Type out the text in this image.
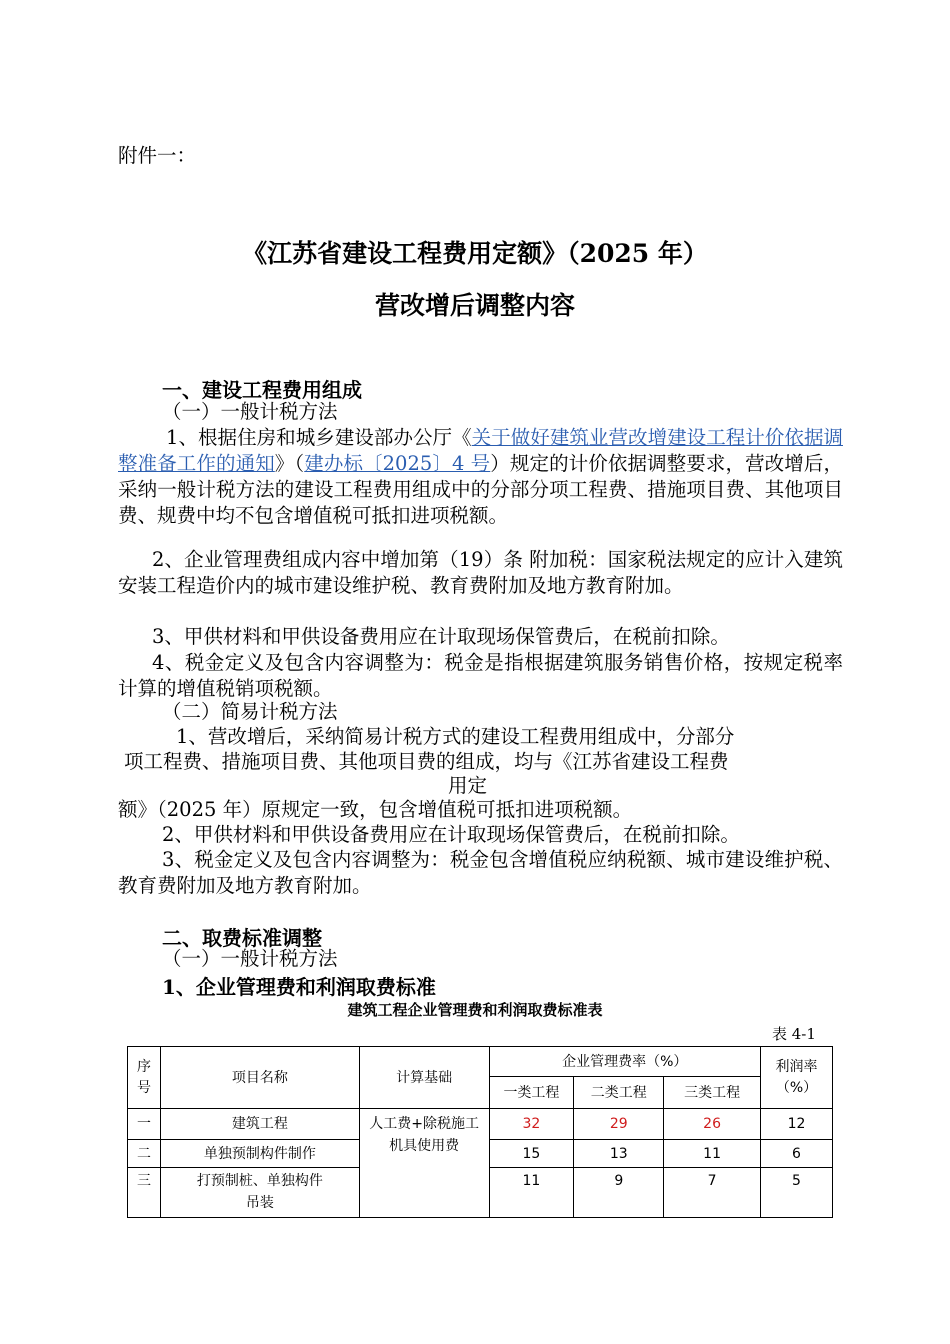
附件一：
《江苏省建设工程费用定额》（2025 年）
营改增后调整内容
一、建设工程费用组成
（一）一般计税方法
1、根据住房和城乡建设部办公厅《关于做好建筑业营改增建设工程计价依据调整准备工作的通知》（建办标〔2025〕4 号）规定的计价依据调整要求，营改增后，采纳一般计税方法的建设工程费用组成中的分部分项工程费、措施项目费、其他项目费、规费中均不包含增值税可抵扣进项税额。
2、企业管理费组成内容中增加第（19）条 附加税：国家税法规定的应计入建筑安装工程造价内的城市建设维护税、教育费附加及地方教育附加。
3、甲供材料和甲供设备费用应在计取现场保管费后，在税前扣除。
4、税金定义及包含内容调整为：税金是指根据建筑服务销售价格，按规定税率计算的增值税销项税额。
（二）简易计税方法
1、营改增后，采纳简易计税方式的建设工程费用组成中，分部分
项工程费、措施项目费、其他项目费的组成，均与《江苏省建设工程费
用定
额》（2025 年）原规定一致，包含增值税可抵扣进项税额。
2、甲供材料和甲供设备费用应在计取现场保管费后，在税前扣除。
3、税金定义及包含内容调整为：税金包含增值税应纳税额、城市建设维护税、教育费附加及地方教育附加。
二、取费标准调整
（一）一般计税方法
1、企业管理费和利润取费标准
建筑工程企业管理费和利润取费标准表
表 4-1
序号	项目名称	计算基础	企业管理费率（%）			利润率（%）
			一类工程	二类工程	三类工程	
一	建筑工程	人工费+除税施工机具使用费	32	29	26	12
二	单独预制构件制作		15	13	11	6
三	打预制桩、单独构件吊装		11	9	7	5
